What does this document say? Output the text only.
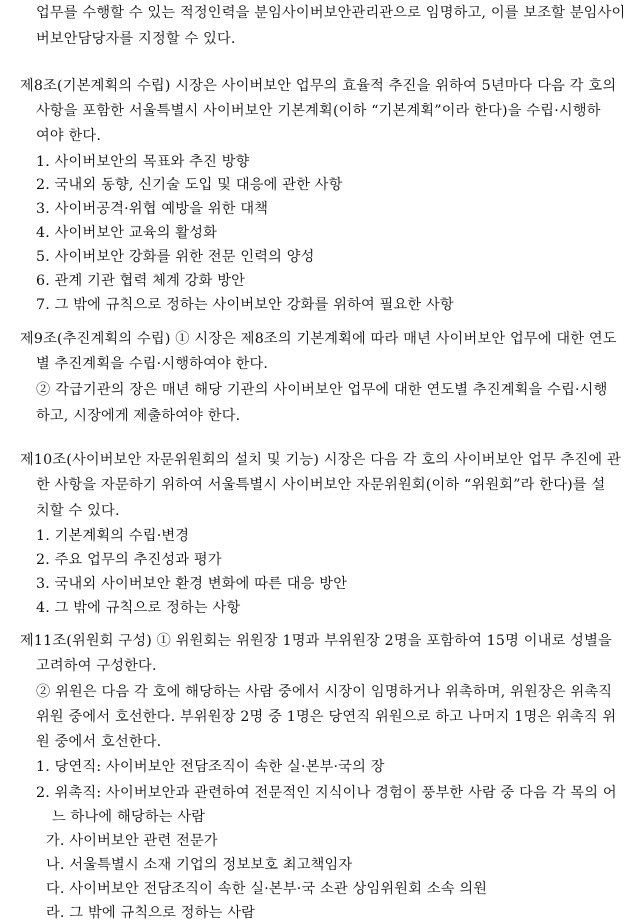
업무를 수행할 수 있는 적정인력을 분임사이버보안관리관으로 임명하고, 이를 보조할 분임사이
버보안담당자를 지정할 수 있다.
제8조(기본계획의 수립) 시장은 사이버보안 업무의 효율적 추진을 위하여 5년마다 다음 각 호의
사항을 포함한 서울특별시 사이버보안 기본계획(이하 “기본계획”이라 한다)을 수립·시행하
여야 한다.
1. 사이버보안의 목표와 추진 방향
2. 국내외 동향, 신기술 도입 및 대응에 관한 사항
3. 사이버공격·위협 예방을 위한 대책
4. 사이버보안 교육의 활성화
5. 사이버보안 강화를 위한 전문 인력의 양성
6. 관계 기관 협력 체계 강화 방안
7. 그 밖에 규칙으로 정하는 사이버보안 강화를 위하여 필요한 사항
제9조(추진계획의 수립) ① 시장은 제8조의 기본계획에 따라 매년 사이버보안 업무에 대한 연도
별 추진계획을 수립·시행하여야 한다.
② 각급기관의 장은 매년 해당 기관의 사이버보안 업무에 대한 연도별 추진계획을 수립·시행
하고, 시장에게 제출하여야 한다.
제10조(사이버보안 자문위원회의 설치 및 기능) 시장은 다음 각 호의 사이버보안 업무 추진에 관
한 사항을 자문하기 위하여 서울특별시 사이버보안 자문위원회(이하 “위원회”라 한다)를 설
치할 수 있다.
1. 기본계획의 수립·변경
2. 주요 업무의 추진성과 평가
3. 국내외 사이버보안 환경 변화에 따른 대응 방안
4. 그 밖에 규칙으로 정하는 사항
제11조(위원회 구성) ① 위원회는 위원장 1명과 부위원장 2명을 포함하여 15명 이내로 성별을
고려하여 구성한다.
② 위원은 다음 각 호에 해당하는 사람 중에서 시장이 임명하거나 위촉하며, 위원장은 위촉직
위원 중에서 호선한다. 부위원장 2명 중 1명은 당연직 위원으로 하고 나머지 1명은 위촉직 위
원 중에서 호선한다.
1. 당연직: 사이버보안 전담조직이 속한 실·본부·국의 장
2. 위촉직: 사이버보안과 관련하여 전문적인 지식이나 경험이 풍부한 사람 중 다음 각 목의 어
느 하나에 해당하는 사람
가. 사이버보안 관련 전문가
나. 서울특별시 소재 기업의 정보보호 최고책임자
다. 사이버보안 전담조직이 속한 실·본부·국 소관 상임위원회 소속 의원
라. 그 밖에 규칙으로 정하는 사람
